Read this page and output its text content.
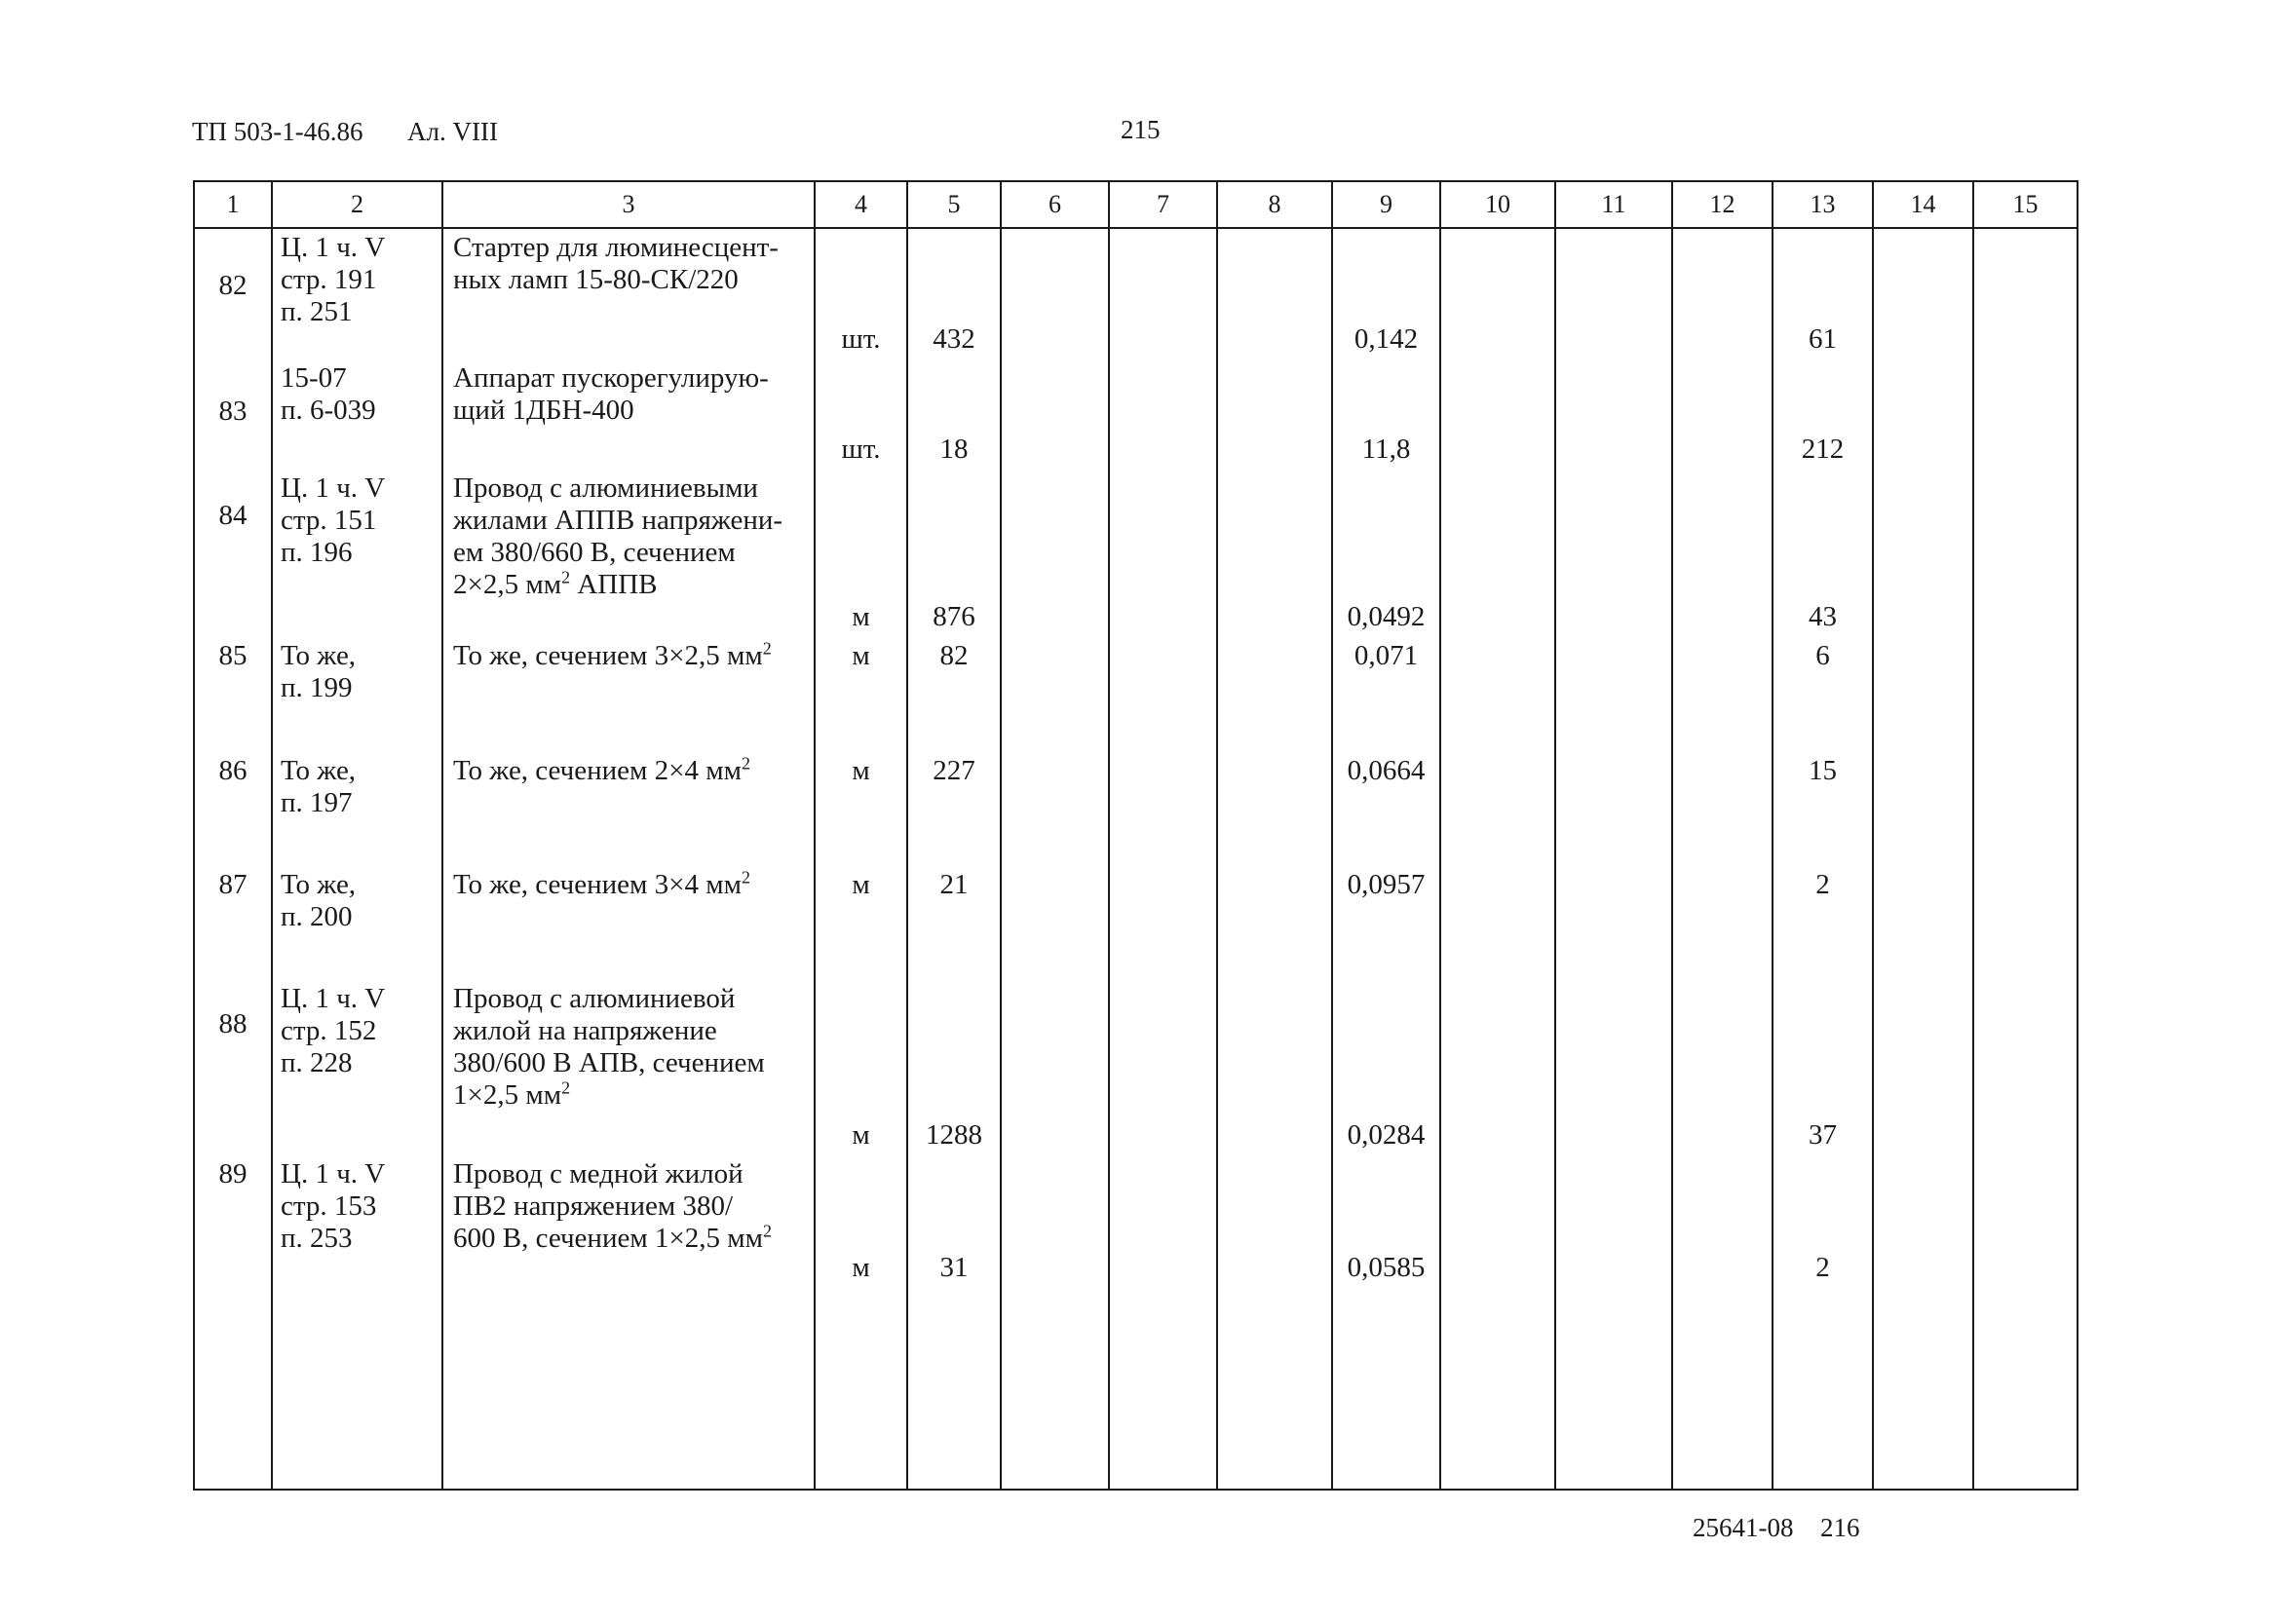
ТП 503-1-46.86 Ал. VIII	215
1	2	3	4	5	6	7	8	9	10	11	12	13	14	15
82	Ц. 1 ч. V
стр. 191
п. 251	Стартер для люминесцент-
ных ламп 15-80-СК/220	шт.	432				0,142				61		

83	15-07
п. 6-039	Аппарат пускорегулирую-
щий 1ДБН-400	шт.	18				11,8				212		

84	Ц. 1 ч. V
стр. 151
п. 196	Провод с алюминиевыми
жилами АППВ напряжени-
ем 380/660 В, сечением
2×2,5 $мм^2$ АППВ	м	876				0,0492				43		

85	То же,
п. 199	То же, сечением 3×2,5 $мм^2$	м	82				0,071				6		

86	То же,
п. 197	То же, сечением 2×4 $мм^2$	м	227				0,0664				15		

87	То же,
п. 200	То же, сечением 3×4 $мм^2$	м	21				0,0957				2		

88	Ц. 1 ч. V
стр. 152
п. 228	Провод с алюминиевой
жилой на напряжение
380/600 В АПВ, сечением
1×2,5 $мм^2$	м	1288				0,0284				37		

89	Ц. 1 ч. V
стр. 153
п. 253	Провод с медной жилой
ПВ2 напряжением 380/
600 В, сечением 1×2,5 $мм^2$	м	31				0,0585				2		

25641-08 216
